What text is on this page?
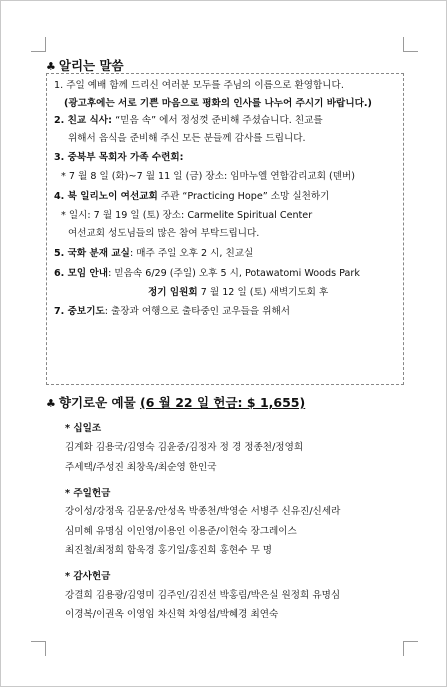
♣ 알리는 말씀
1. 주일 예배 함께 드리신 여러분 모두를 주님의 이름으로 환영합니다.
(광고후에는 서로 기쁜 마음으로 평화의 인사를 나누어 주시기 바랍니다.)
2. 친교 식사: “믿음 속” 에서 정성껏 준비해 주셨습니다. 친교를
위해서 음식을 준비해 주신 모든 분들께 감사를 드립니다.
3. 중북부 목회자 가족 수련회:
* 7 월 8 일 (화)~7 월 11 일 (금) 장소: 임마누엘 연합감리교회 (덴버)
4. 북 일리노이 여선교회 주관 “Practicing Hope” 소망 실천하기
* 일시: 7 월 19 일 (토) 장소: Carmelite Spiritual Center
여선교회 성도님들의 많은 참여 부탁드립니다.
5. 국화 분재 교실: 매주 주일 오후 2 시, 친교실
6. 모임 안내: 믿음속 6/29 (주일) 오후 5 시, Potawatomi Woods Park
정기 임원회 7 월 12 일 (토) 새벽기도회 후
7. 중보기도: 출장과 여행으로 출타중인 교우들을 위해서
♣ 향기로운 예물 (6 월 22 일 헌금: $ 1,655)
* 십일조
김계화 김용국/김영숙 김윤중/김정자 정 경 정종천/정영희
주세택/주성진 최창욱/최순영 한인국
* 주일헌금
강이성/강정욱 김문웅/안성옥 박종천/박영순 서병주 신유진/신세라
심미혜 유명심 이인영/이용인 이용준/이현숙 장그레이스
최진철/최정희 함욱경 홍기일/홍진희 홍현수 무 명
* 감사헌금
강결희 김용광/김영미 김주인/김진선 박홍림/박은실 원정희 유명심
이경복/이권옥 이영임 차신혁 차영섭/박혜경 최연숙
